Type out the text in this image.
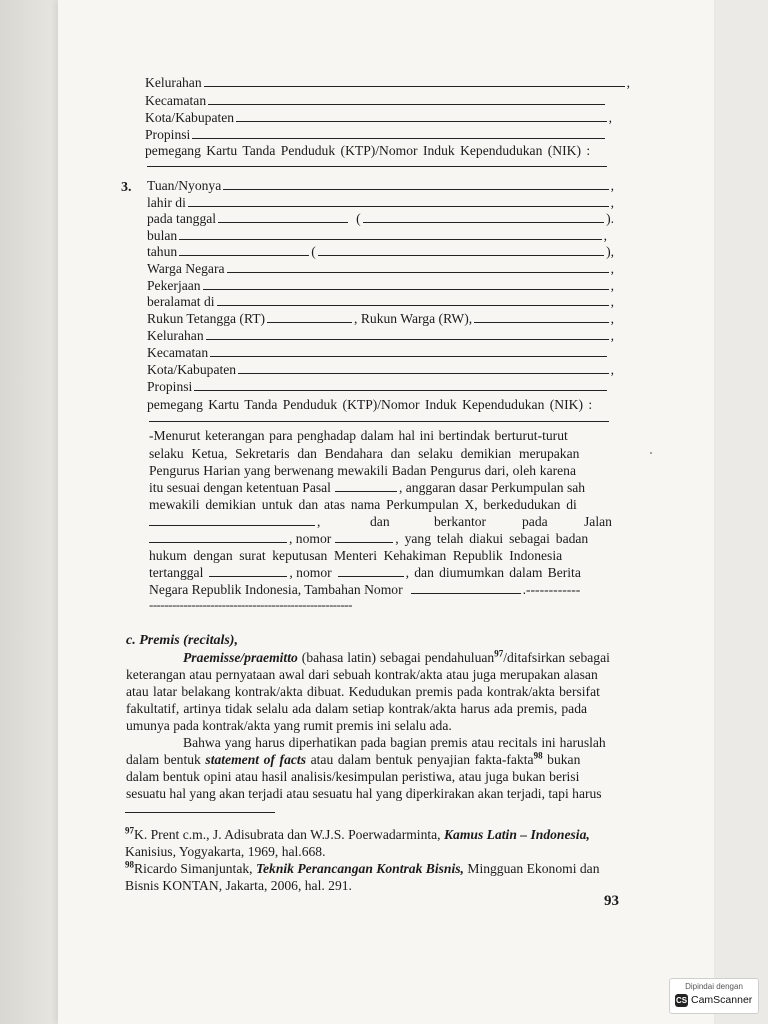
Kelurahan	,
Kecamatan
Kota/Kabupaten	,
Propinsi
pemegang Kartu Tanda Penduduk (KTP)/Nomor Induk Kependudukan (NIK) :
3. Tuan/Nyonya	,
lahir di	,
pada tanggal	(	).
bulan	,
tahun	(	),
Warga Negara	,
Pekerjaan	,
beralamat di	,
Rukun Tetangga (RT)	, Rukun Warga (RW),	,
Kelurahan	,
Kecamatan
Kota/Kabupaten	,
Propinsi
pemegang Kartu Tanda Penduduk (KTP)/Nomor Induk Kependudukan (NIK) :
-Menurut keterangan para penghadap dalam hal ini bertindak berturut-turut
selaku Ketua, Sekretaris dan Bendahara dan selaku demikian merupakan
Pengurus Harian yang berwenang mewakili Badan Pengurus dari, oleh karena
itu sesuai dengan ketentuan Pasal	, anggaran dasar Perkumpulan sah
mewakili demikian untuk dan atas nama Perkumpulan X, berkedudukan di
,	dan	berkantor	pada	Jalan
, nomor	, yang telah diakui sebagai badan
hukum dengan surat keputusan Menteri Kehakiman Republik Indonesia
tertanggal	, nomor	, dan diumumkan dalam Berita
Negara Republik Indonesia, Tambahan Nomor	.------------
-----------------------------------------------------
c. Premis (recitals),
Praemisse/praemitto (bahasa latin) sebagai pendahuluan$^{97}$/ditafsirkan sebagai
keterangan atau pernyataan awal dari sebuah kontrak/akta atau juga merupakan alasan
atau latar belakang kontrak/akta dibuat. Kedudukan premis pada kontrak/akta bersifat
fakultatif, artinya tidak selalu ada dalam setiap kontrak/akta harus ada premis, pada
umunya pada kontrak/akta yang rumit premis ini selalu ada.
Bahwa yang harus diperhatikan pada bagian premis atau recitals ini haruslah
dalam bentuk statement of facts atau dalam bentuk penyajian fakta-fakta$^{98}$ bukan
dalam bentuk opini atau hasil analisis/kesimpulan peristiwa, atau juga bukan berisi
sesuatu hal yang akan terjadi atau sesuatu hal yang diperkirakan akan terjadi, tapi harus
$^{97}$K. Prent c.m., J. Adisubrata dan W.J.S. Poerwadarminta, Kamus Latin – Indonesia,
Kanisius, Yogyakarta, 1969, hal.668.
$^{98}$Ricardo Simanjuntak, Teknik Perancangan Kontrak Bisnis, Mingguan Ekonomi dan
Bisnis KONTAN, Jakarta, 2006, hal. 291.
93
Dipindai dengan
CS CamScanner
